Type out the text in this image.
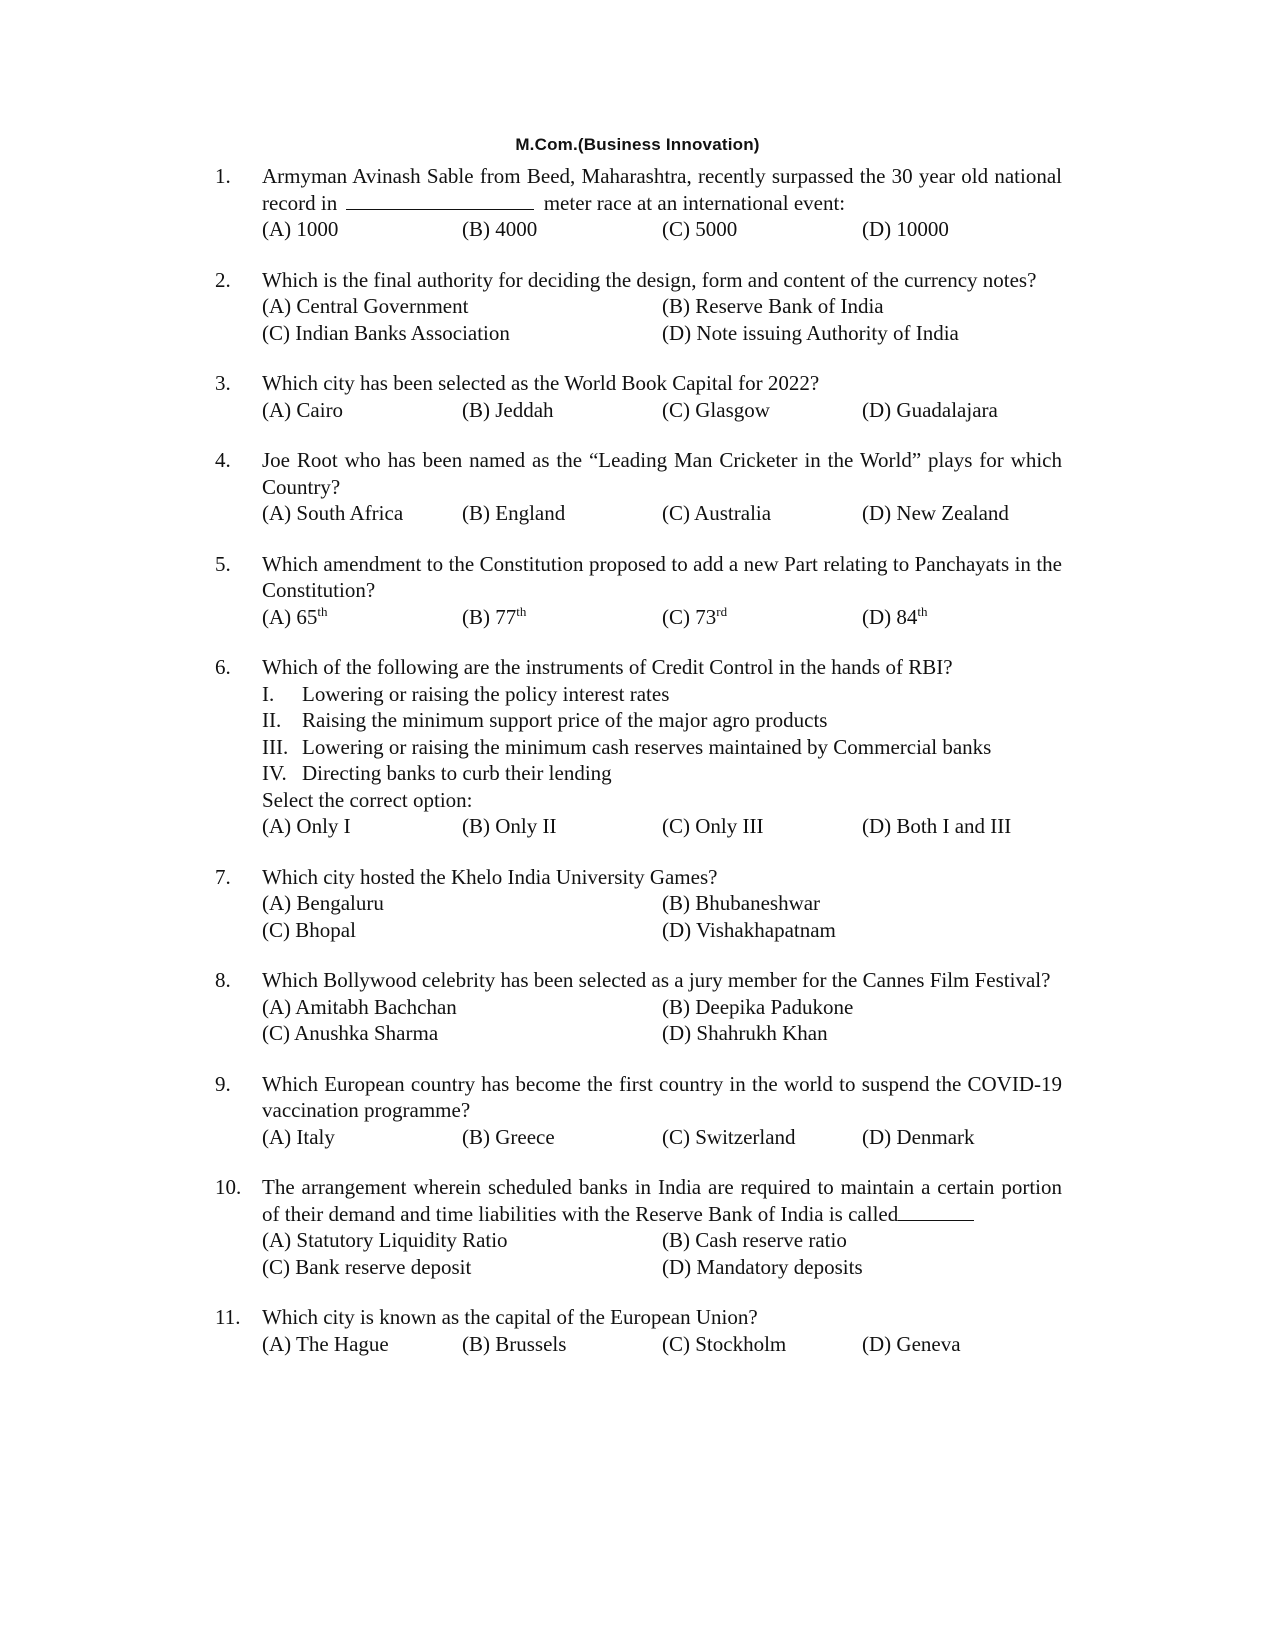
M.Com.(Business Innovation)
1.	Armyman Avinash Sable from Beed, Maharashtra, recently surpassed the 30 year old national record in	meter race at an international event:
(A) 1000	(B) 4000	(C) 5000	(D) 10000
2.	Which is the final authority for deciding the design, form and content of the currency notes?
(A) Central Government	(B) Reserve Bank of India
(C) Indian Banks Association	(D) Note issuing Authority of India
3.	Which city has been selected as the World Book Capital for 2022?
(A) Cairo	(B) Jeddah	(C) Glasgow	(D) Guadalajara
4.	Joe Root who has been named as the “Leading Man Cricketer in the World” plays for which Country?
(A) South Africa	(B) England	(C) Australia	(D) New Zealand
5.	Which amendment to the Constitution proposed to add a new Part relating to Panchayats in the Constitution?
(A) 65th	(B) 77th	(C) 73rd	(D) 84th
6.	Which of the following are the instruments of Credit Control in the hands of RBI?
I. Lowering or raising the policy interest rates
II. Raising the minimum support price of the major agro products
III. Lowering or raising the minimum cash reserves maintained by Commercial banks
IV. Directing banks to curb their lending
Select the correct option:
(A) Only I	(B) Only II	(C) Only III	(D) Both I and III
7.	Which city hosted the Khelo India University Games?
(A) Bengaluru	(B) Bhubaneshwar
(C) Bhopal	(D) Vishakhapatnam
8.	Which Bollywood celebrity has been selected as a jury member for the Cannes Film Festival?
(A) Amitabh Bachchan	(B) Deepika Padukone
(C) Anushka Sharma	(D) Shahrukh Khan
9.	Which European country has become the first country in the world to suspend the COVID-19 vaccination programme?
(A) Italy	(B) Greece	(C) Switzerland	(D) Denmark
10. The arrangement wherein scheduled banks in India are required to maintain a certain portion of their demand and time liabilities with the Reserve Bank of India is called
(A) Statutory Liquidity Ratio	(B) Cash reserve ratio
(C) Bank reserve deposit	(D) Mandatory deposits
11.	Which city is known as the capital of the European Union?
(A) The Hague	(B) Brussels	(C) Stockholm	(D) Geneva
